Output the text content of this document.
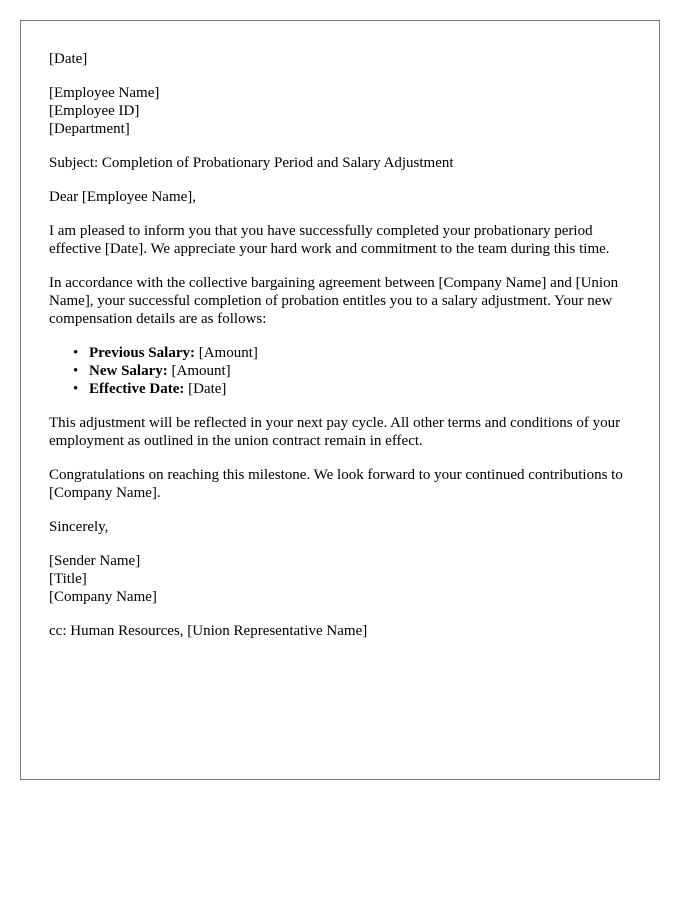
[Date]
[Employee Name]
[Employee ID]
[Department]

Subject: Completion of Probationary Period and Salary Adjustment

Dear [Employee Name],

I am pleased to inform you that you have successfully completed your probationary period effective [Date]. We appreciate your hard work and commitment to the team during this time.

In accordance with the collective bargaining agreement between [Company Name] and [Union Name], your successful completion of probation entitles you to a salary adjustment. Your new compensation details are as follows:

• Previous Salary: [Amount]
• New Salary: [Amount]
• Effective Date: [Date]

This adjustment will be reflected in your next pay cycle. All other terms and conditions of your employment as outlined in the union contract remain in effect.

Congratulations on reaching this milestone. We look forward to your continued contributions to [Company Name].

Sincerely,

[Sender Name]
[Title]
[Company Name]

cc: Human Resources, [Union Representative Name]
